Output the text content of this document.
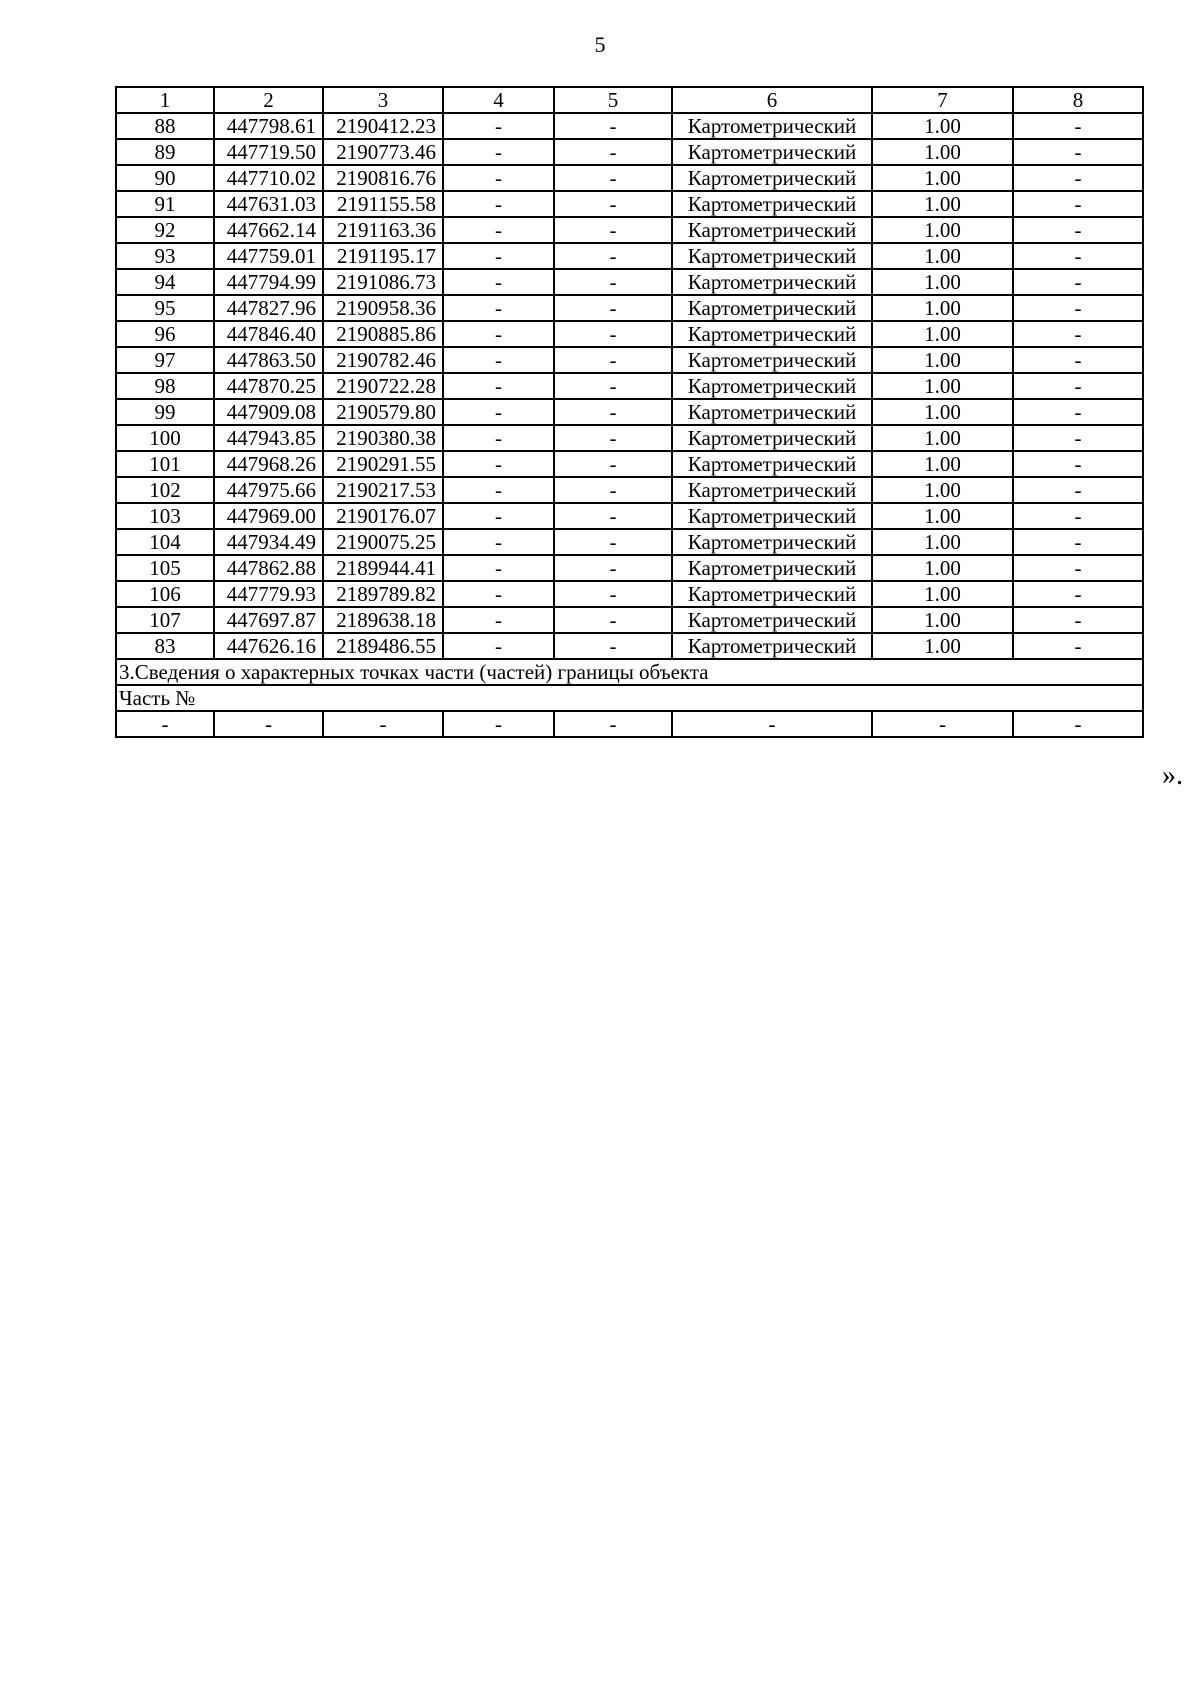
5
1	2	3	4	5	6	7	8
88	447798.61	2190412.23	-	-	Картометрический	1.00	-
89	447719.50	2190773.46	-	-	Картометрический	1.00	-
90	447710.02	2190816.76	-	-	Картометрический	1.00	-
91	447631.03	2191155.58	-	-	Картометрический	1.00	-
92	447662.14	2191163.36	-	-	Картометрический	1.00	-
93	447759.01	2191195.17	-	-	Картометрический	1.00	-
94	447794.99	2191086.73	-	-	Картометрический	1.00	-
95	447827.96	2190958.36	-	-	Картометрический	1.00	-
96	447846.40	2190885.86	-	-	Картометрический	1.00	-
97	447863.50	2190782.46	-	-	Картометрический	1.00	-
98	447870.25	2190722.28	-	-	Картометрический	1.00	-
99	447909.08	2190579.80	-	-	Картометрический	1.00	-
100	447943.85	2190380.38	-	-	Картометрический	1.00	-
101	447968.26	2190291.55	-	-	Картометрический	1.00	-
102	447975.66	2190217.53	-	-	Картометрический	1.00	-
103	447969.00	2190176.07	-	-	Картометрический	1.00	-
104	447934.49	2190075.25	-	-	Картометрический	1.00	-
105	447862.88	2189944.41	-	-	Картометрический	1.00	-
106	447779.93	2189789.82	-	-	Картометрический	1.00	-
107	447697.87	2189638.18	-	-	Картометрический	1.00	-
83	447626.16	2189486.55	-	-	Картометрический	1.00	-
3.Сведения о характерных точках части (частей) границы объекта							
Часть №							
-	-	-	-	-	-	-	-
».
